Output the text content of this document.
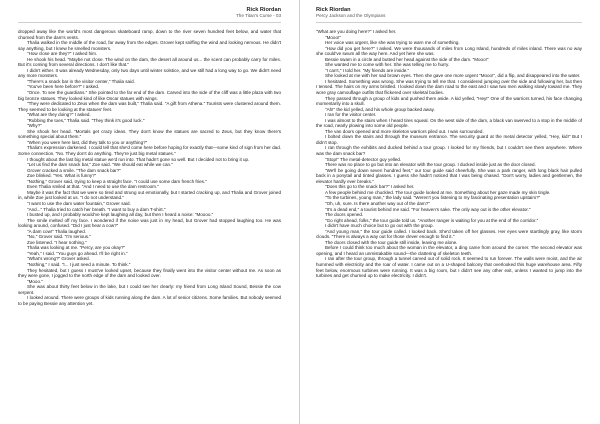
Rick Riordan
The Titan's Curse - 03

dropped away like the world's most dangerous skateboard ramp, down to the river seven hundred feet below, and water that churned from the dam's vents.

Thalia walked in the middle of the road, far away from the edges. Grover kept sniffing the wind and looking nervous. He didn't say anything, but I knew he smelled monsters.

"How close are they?" I asked him.

He shook his head. "Maybe not close. The wind on the dam, the desert all around us... the scent can probably carry for miles. But it's coming from several directions. I don't like that."

I didn't either. It was already Wednesday, only two days until winter solstice, and we still had a long way to go. We didn't need any more monsters.

"There's a snack bar in the visitor center," Thalia said.

"You've been here before?" I asked.

"Once. To see the guardians." She pointed to the far end of the dam. Carved into the side of the cliff was a little plaza with two big bronze statues. They looked kind of like Oscar statues with wings.

"They were dedicated to Zeus when the dam was built," Thalia said. "A gift from Athena." Tourists were clustered around them. They seemed to be looking at the statues' feet.

"What are they doing?" I asked.

"Rubbing the toes," Thalia said. "They think it's good luck."

"Why?"

She shook her head. "Mortals get crazy ideas. They don't know the statues are sacred to Zeus, but they know there's something special about them."

"When you were here last, did they talk to you or anything?"

Thalia's expression darkened. I could tell that she'd come here before hoping for exactly that—some kind of sign from her dad. Some connection. "No. They don't do anything. They're just big metal statues."

I thought about the last big metal statue we'd run into. That hadn't gone so well. But I decided not to bring it up.

"Let us find the dam snack bar," Zoe said. "We should eat while we can."

Grover cracked a smile. "The dam snack bar?"

Zoe blinked. "Yes. What is funny?"

"Nothing," Grover said, trying to keep a straight face. "I could use some dam french fries."

Even Thalia smiled at that. "And I need to use the dam restroom."

Maybe it was the fact that we were so tired and strung out emotionally, but I started cracking up, and Thalia and Grover joined in, while Zoe just looked at us. "I do not understand."

"I want to use the dam water fountain," Grover said.

"And..." Thalia tried to catch her breath. "I want to buy a dam T-shirt."

I busted up, and I probably would've kept laughing all day, but then I heard a noise: "Moooo."

The smile melted off my face. I wondered if the noise was just in my head, but Grover had stopped laughing too. He was looking around, confused. "Did I just hear a cow?"

"A dam cow!" Thalia laughed.

"No," Grover said. "I'm serious."

Zoe listened. "I hear nothing."

Thalia was looking at me. "Percy, are you okay?"

"Yeah," I said. "You guys go ahead. I'll be right in."

"What's wrong?" Grover asked.

"Nothing," I said. "I... I just need a minute. To think."

They hesitated, but I guess I must've looked upset, because they finally went into the visitor center without me. As soon as they were gone, I jogged to the north edge of the dam and looked over.

"Mooo."

She was about thirty feet below in the lake, but I could see her clearly: my friend from Long Island Sound, Bessie the cow serpent.

I looked around. There were groups of kids running along the dam. A lot of senior citizens. Some families. But nobody seemed to be paying Bessie any attention yet.

Rick Riordan
Percy Jackson and the Olympians

"What are you doing here?" I asked her.

"Mooo!"

Her voice was urgent, like she was trying to warn me of something.

"How did you get here?" I asked. We were thousands of miles from Long Island, hundreds of miles inland. There was no way she could've swum all the way here. And yet here she was.

Bessie swam in a circle and butted her head against the side of the dam. "Mooo!"

She wanted me to come with her. She was telling me to hurry.

"I can't," I told her. "My friends are inside."

She looked at me with her sad brown eyes. Then she gave one more urgent "Mooo!", did a flip, and disappeared into the water.

I hesitated. Something was wrong. She was trying to tell me that. I considered jumping over the side and following her, but then I tensed. The hairs on my arms bristled. I looked down the dam road to the east and I saw two men walking slowly toward me. They wore gray camouflage outfits that flickered over skeletal bodies.

They passed through a group of kids and pushed them aside. A kid yelled, "Hey!" One of the warriors turned, his face changing momentarily into a skull.

"Ah!" the kid yelled, and his whole group backed away.

I ran for the visitor center.

I was almost to the stairs when I heard tires squeal. On the west side of the dam, a black van swerved to a stop in the middle of the road, nearly plowing into some old people.

The van doors opened and more skeleton warriors piled out. I was surrounded.

I bolted down the stairs and through the museum entrance. The security guard at the metal detector yelled, "Hey, kid!" But I didn't stop.

I ran through the exhibits and ducked behind a tour group. I looked for my friends, but I couldn't see them anywhere. Where was the dam snack bar?

"Stop!" The metal-detector guy yelled.

There was no place to go but into an elevator with the tour group. I ducked inside just as the door closed.

"We'll be going down seven hundred feet," our tour guide said cheerfully. She was a park ranger, with long black hair pulled back in a ponytail and tinted glasses. I guess she hadn't noticed that I was being chased. "Don't worry, ladies and gentlemen, the elevator hardly ever breaks."

"Does this go to the snack bar?" I asked her.

A few people behind me chuckled. The tour guide looked at me. Something about her gaze made my skin tingle.

"To the turbines, young man," the lady said. "Weren't you listening to my fascinating presentation upstairs?"

"Oh, uh, sure. Is there another way out of the dam?"

"It's a dead end," a tourist behind me said. "For heaven's sake. The only way out is the other elevator."

The doors opened.

"Go right ahead, folks," the tour guide told us. "Another ranger is waiting for you at the end of the corridor."

I didn't have much choice but to go out with the group.

"And young man," the tour guide called. I looked back. She'd taken off her glasses. Her eyes were startlingly gray, like storm clouds. "There is always a way out for those clever enough to find it."

The doors closed with the tour guide still inside, leaving me alone.

Before I could think too much about the woman in the elevator, a ding came from around the corner. The second elevator was opening, and I heard an unmistakable sound—the clattering of skeleton teeth.

I ran after the tour group, through a tunnel carved out of solid rock. It seemed to run forever. The walls were moist, and the air hummed with electricity and the roar of water. I came out on a U-shaped balcony that overlooked this huge warehouse area. Fifty feet below, enormous turbines were running. It was a big room, but I didn't see any other exit, unless I wanted to jump into the turbines and get churned up to make electricity. I didn't.
